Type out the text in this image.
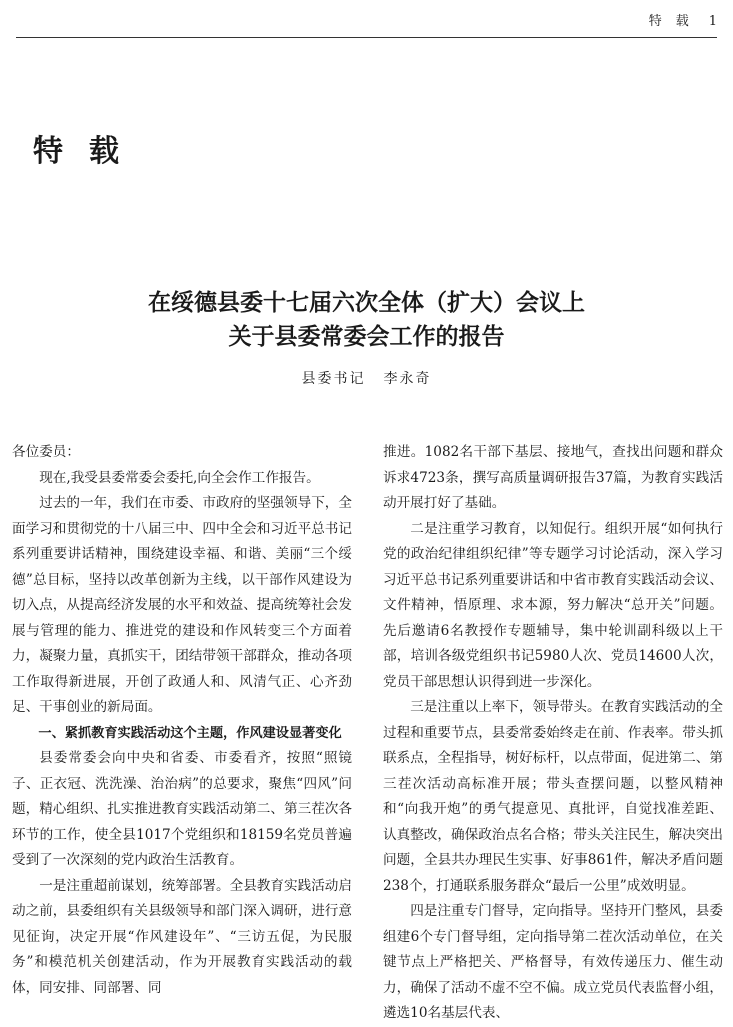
特载 1
特载
在绥德县委十七届六次全体（扩大）会议上
关于县委常委会工作的报告
县委书记 李永奇

各位委员：

现在,我受县委常委会委托,向全会作工作报告。

过去的一年，我们在市委、市政府的坚强领导下，全面学习和贯彻党的十八届三中、四中全会和习近平总书记系列重要讲话精神，围绕建设幸福、和谐、美丽“三个绥德”总目标，坚持以改革创新为主线，以干部作风建设为切入点，从提高经济发展的水平和效益、提高统筹社会发展与管理的能力、推进党的建设和作风转变三个方面着力，凝聚力量，真抓实干，团结带领干部群众，推动各项工作取得新进展，开创了政通人和、风清气正、心齐劲足、干事创业的新局面。

一、紧抓教育实践活动这个主题，作风建设显著变化

县委常委会向中央和省委、市委看齐，按照“照镜子、正衣冠、洗洗澡、治治病”的总要求，聚焦“四风”问题，精心组织、扎实推进教育实践活动第二、第三茬次各环节的工作，使全县1017个党组织和18159名党员普遍受到了一次深刻的党内政治生活教育。

一是注重超前谋划，统筹部署。全县教育实践活动启动之前，县委组织有关县级领导和部门深入调研，进行意见征询，决定开展“作风建设年”、“三访五促，为民服务”和模范机关创建活动，作为开展教育实践活动的载体，同安排、同部署、同

推进。1082名干部下基层、接地气，查找出问题和群众诉求4723条，撰写高质量调研报告37篇，为教育实践活动开展打好了基础。

二是注重学习教育，以知促行。组织开展“如何执行党的政治纪律组织纪律”等专题学习讨论活动，深入学习习近平总书记系列重要讲话和中省市教育实践活动会议、文件精神，悟原理、求本源，努力解决“总开关”问题。先后邀请6名教授作专题辅导，集中轮训副科级以上干部，培训各级党组织书记5980人次、党员14600人次，党员干部思想认识得到进一步深化。

三是注重以上率下，领导带头。在教育实践活动的全过程和重要节点，县委常委始终走在前、作表率。带头抓联系点，全程指导，树好标杆，以点带面，促进第二、第三茬次活动高标准开展；带头查摆问题，以整风精神和“向我开炮”的勇气提意见、真批评，自觉找准差距、认真整改，确保政治点名合格；带头关注民生，解决突出问题，全县共办理民生实事、好事861件，解决矛盾问题238个，打通联系服务群众“最后一公里”成效明显。

四是注重专门督导，定向指导。坚持开门整风，县委组建6个专门督导组，定向指导第二茬次活动单位，在关键节点上严格把关、严格督导，有效传递压力、催生动力，确保了活动不虚不空不偏。成立党员代表监督小组，遴选10名基层代表、
